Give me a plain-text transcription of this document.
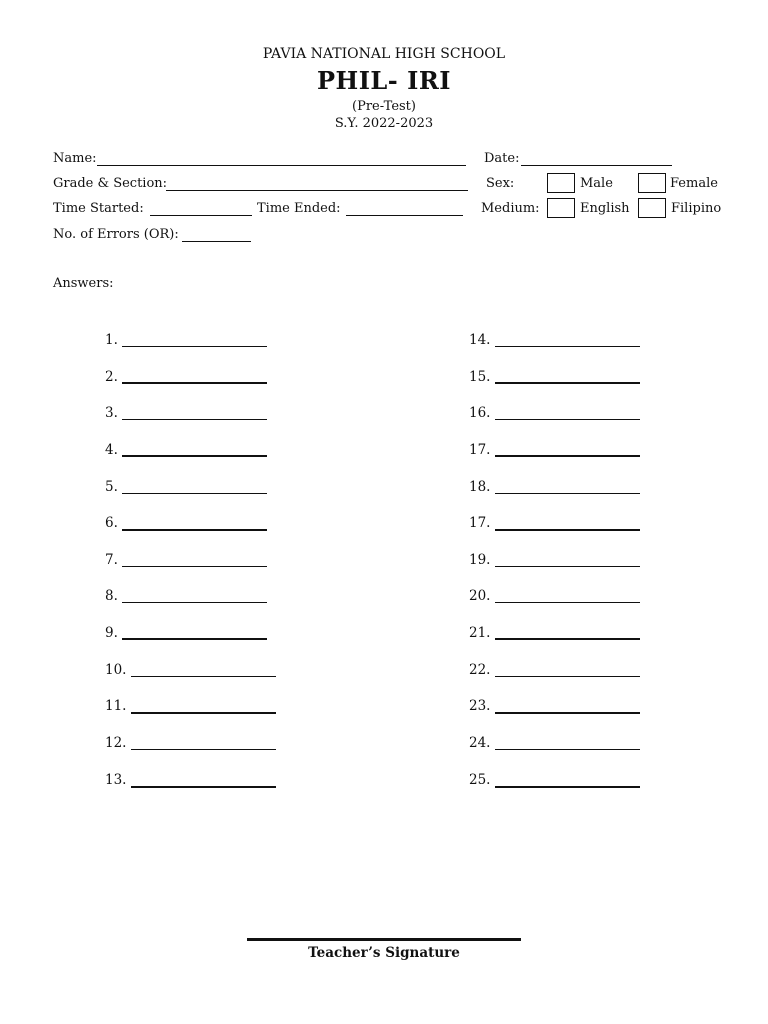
PAVIA NATIONAL HIGH SCHOOL
PHIL- IRI
(Pre-Test)
S.Y. 2022-2023
Name:	Date:
Grade & Section:	Sex:	Male	Female
Time Started:	Time Ended:	Medium:	English	Filipino
No. of Errors (OR):
Answers:
1.
2.
3.
4.
5.
6.
7.
8.
9.
10.
11.
12.
13.
14.
15.
16.
17.
18.
17.
19.
20.
21.
22.
23.
24.
25.
Teacher’s Signature
